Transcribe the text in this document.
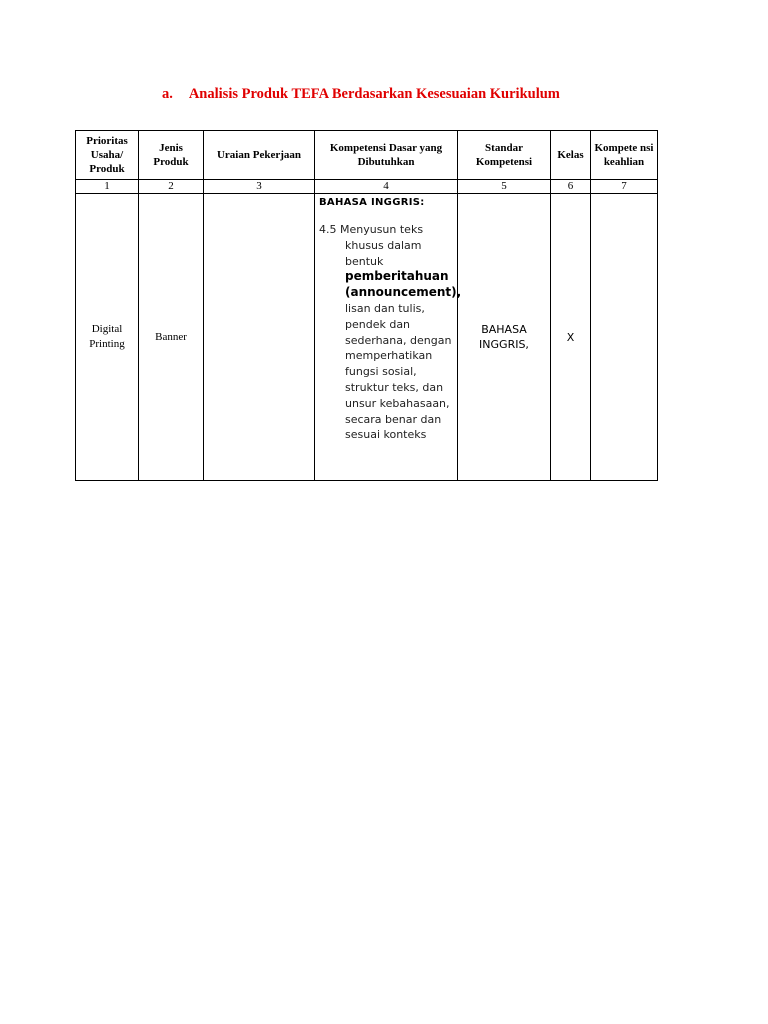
a. Analisis Produk TEFA Berdasarkan Kesesuaian Kurikulum
Prioritas Usaha/ Produk	Jenis Produk	Uraian Pekerjaan	Kompetensi Dasar yang Dibutuhkan	Standar Kompetensi	Kelas	Kompete nsi keahlian
1	2	3	4	5	6	7
Digital Printing	Banner		BAHASA INGGRIS:
4.5 Menyusun teks khusus dalam bentuk pemberitahuan (announcement), lisan dan tulis, pendek dan sederhana, dengan memperhatikan fungsi sosial, struktur teks, dan unsur kebahasaan, secara benar dan sesuai konteks	BAHASA INGGRIS,	X	
